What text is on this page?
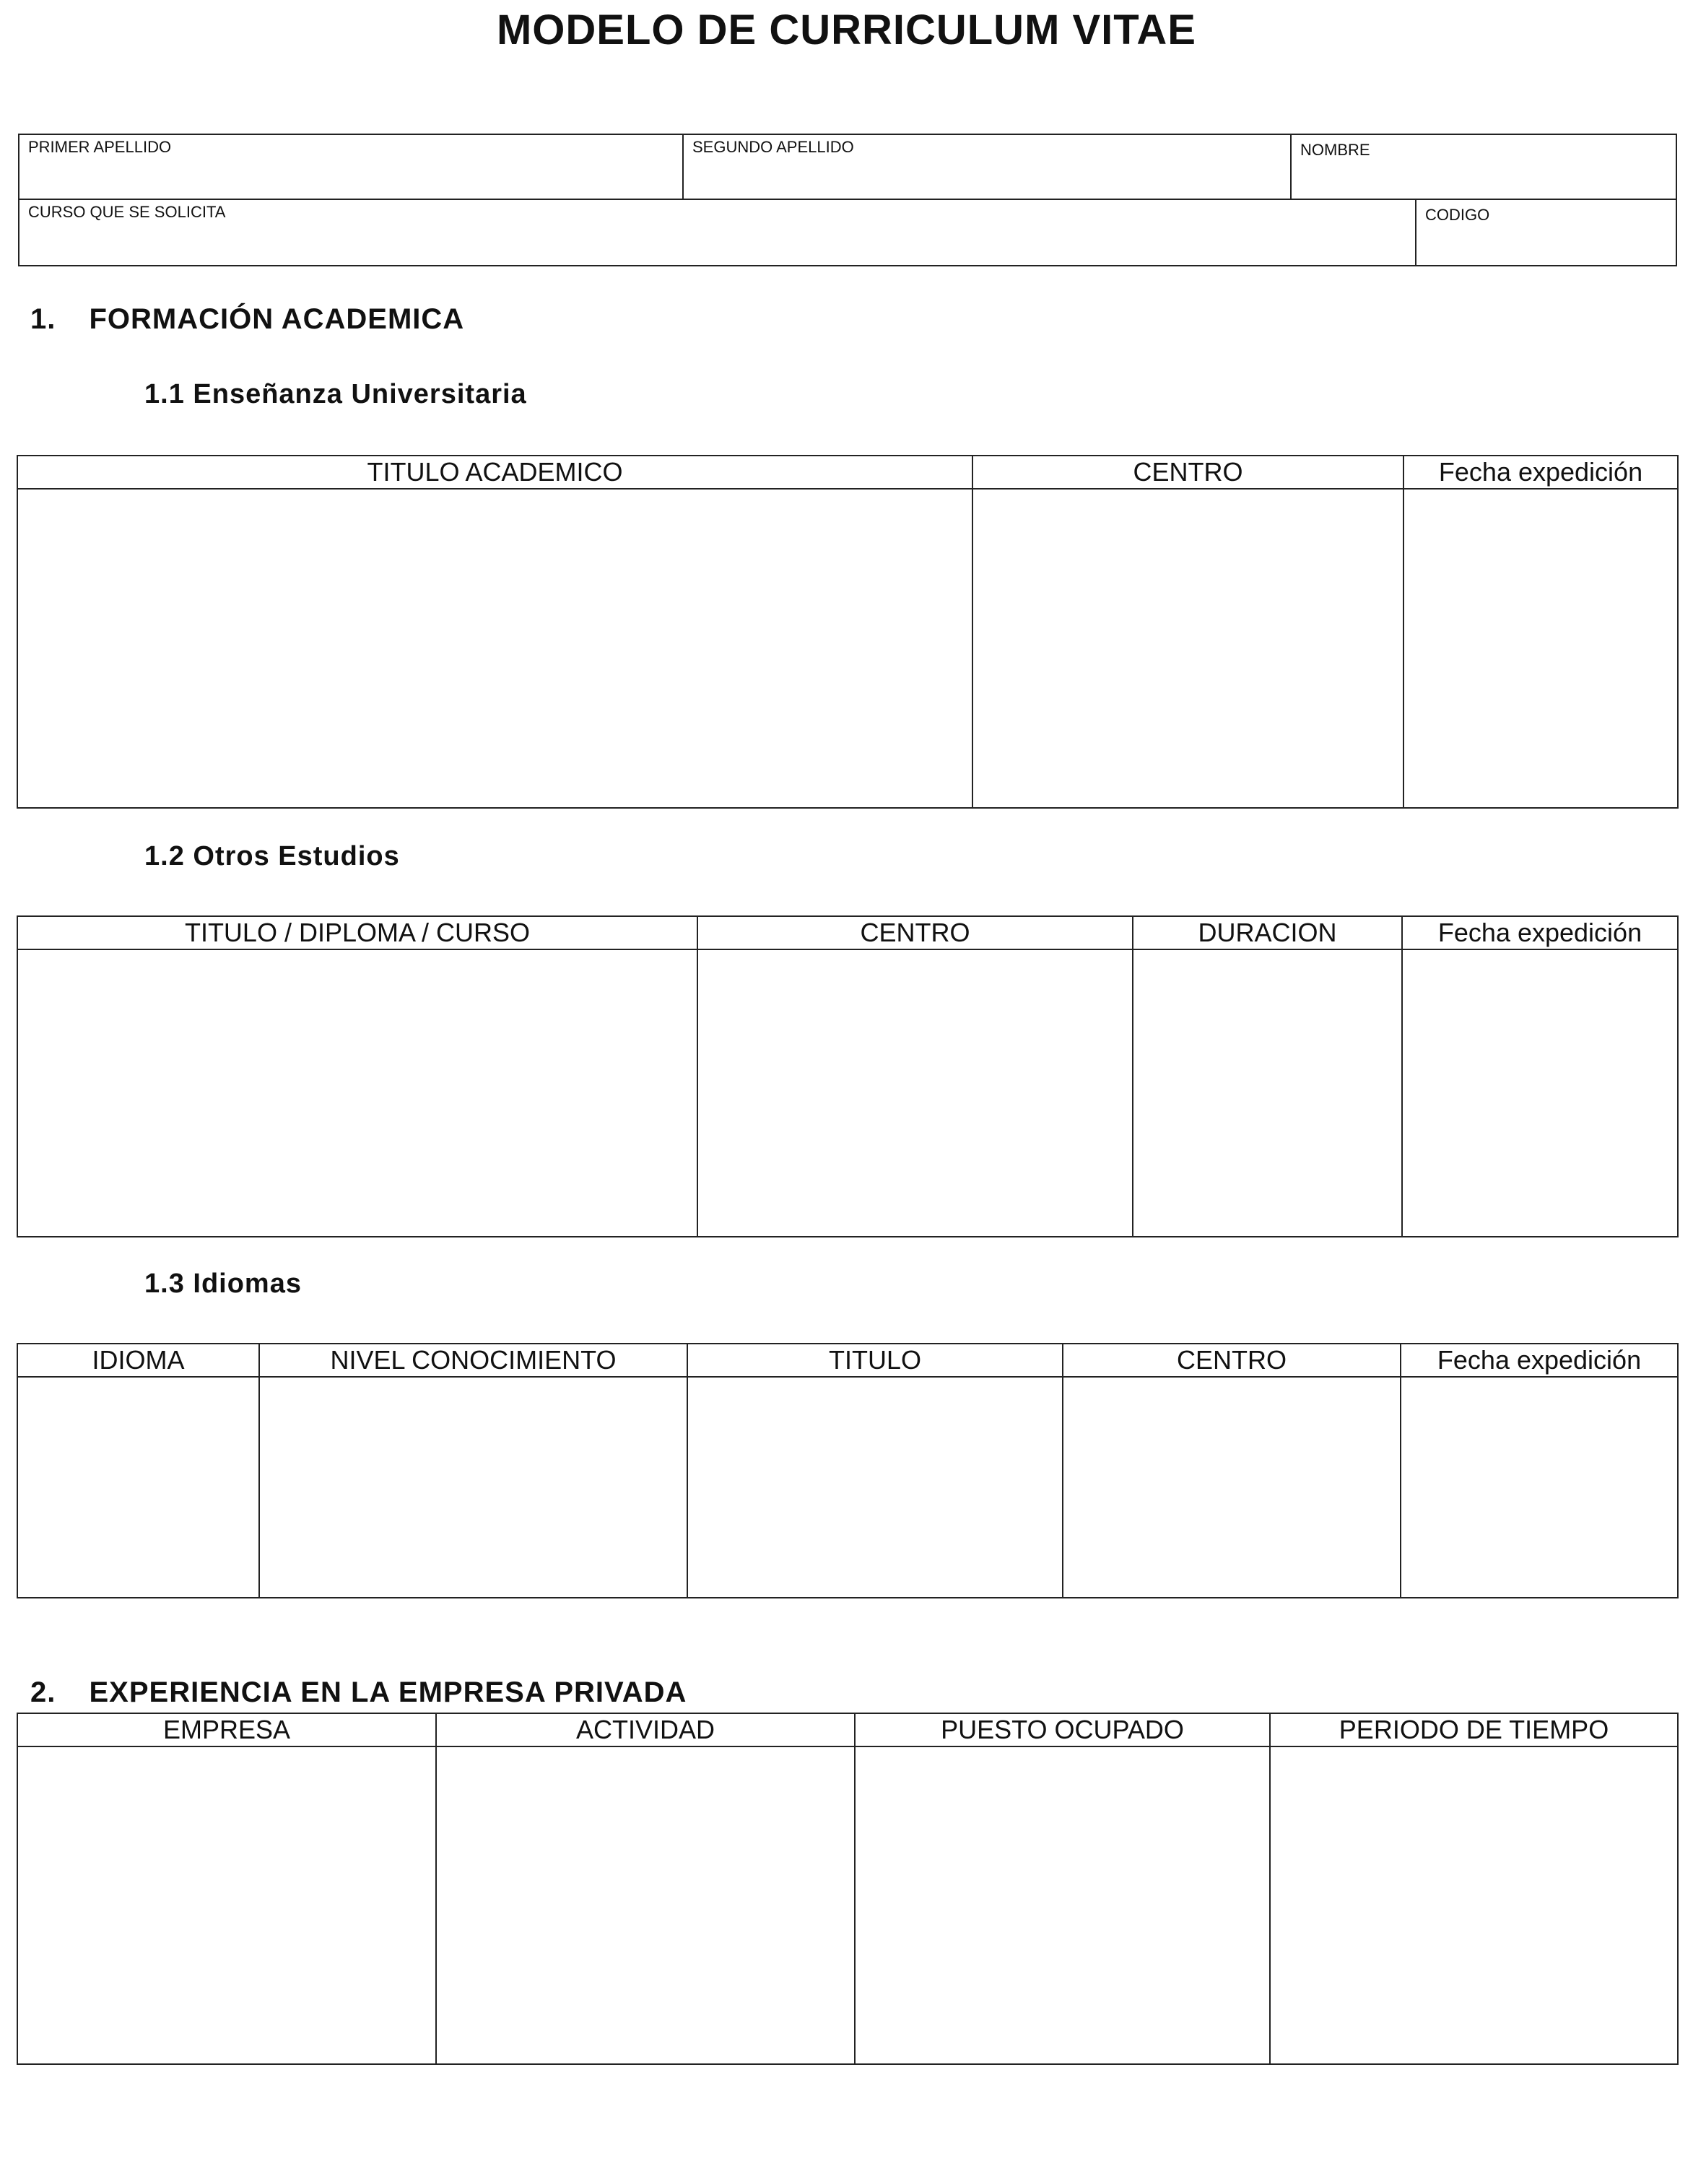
MODELO DE CURRICULUM VITAE
PRIMER APELLIDO	SEGUNDO APELLIDO	NOMBRE
CURSO QUE SE SOLICITA	CODIGO
1. FORMACIÓN ACADEMICA
1.1 Enseñanza Universitaria
TITULO ACADEMICO	CENTRO	Fecha expedición

1.2 Otros Estudios
TITULO / DIPLOMA / CURSO	CENTRO	DURACION	Fecha expedición

1.3 Idiomas
IDIOMA	NIVEL CONOCIMIENTO	TITULO	CENTRO	Fecha expedición

2. EXPERIENCIA EN LA EMPRESA PRIVADA
EMPRESA	ACTIVIDAD	PUESTO OCUPADO	PERIODO DE TIEMPO
